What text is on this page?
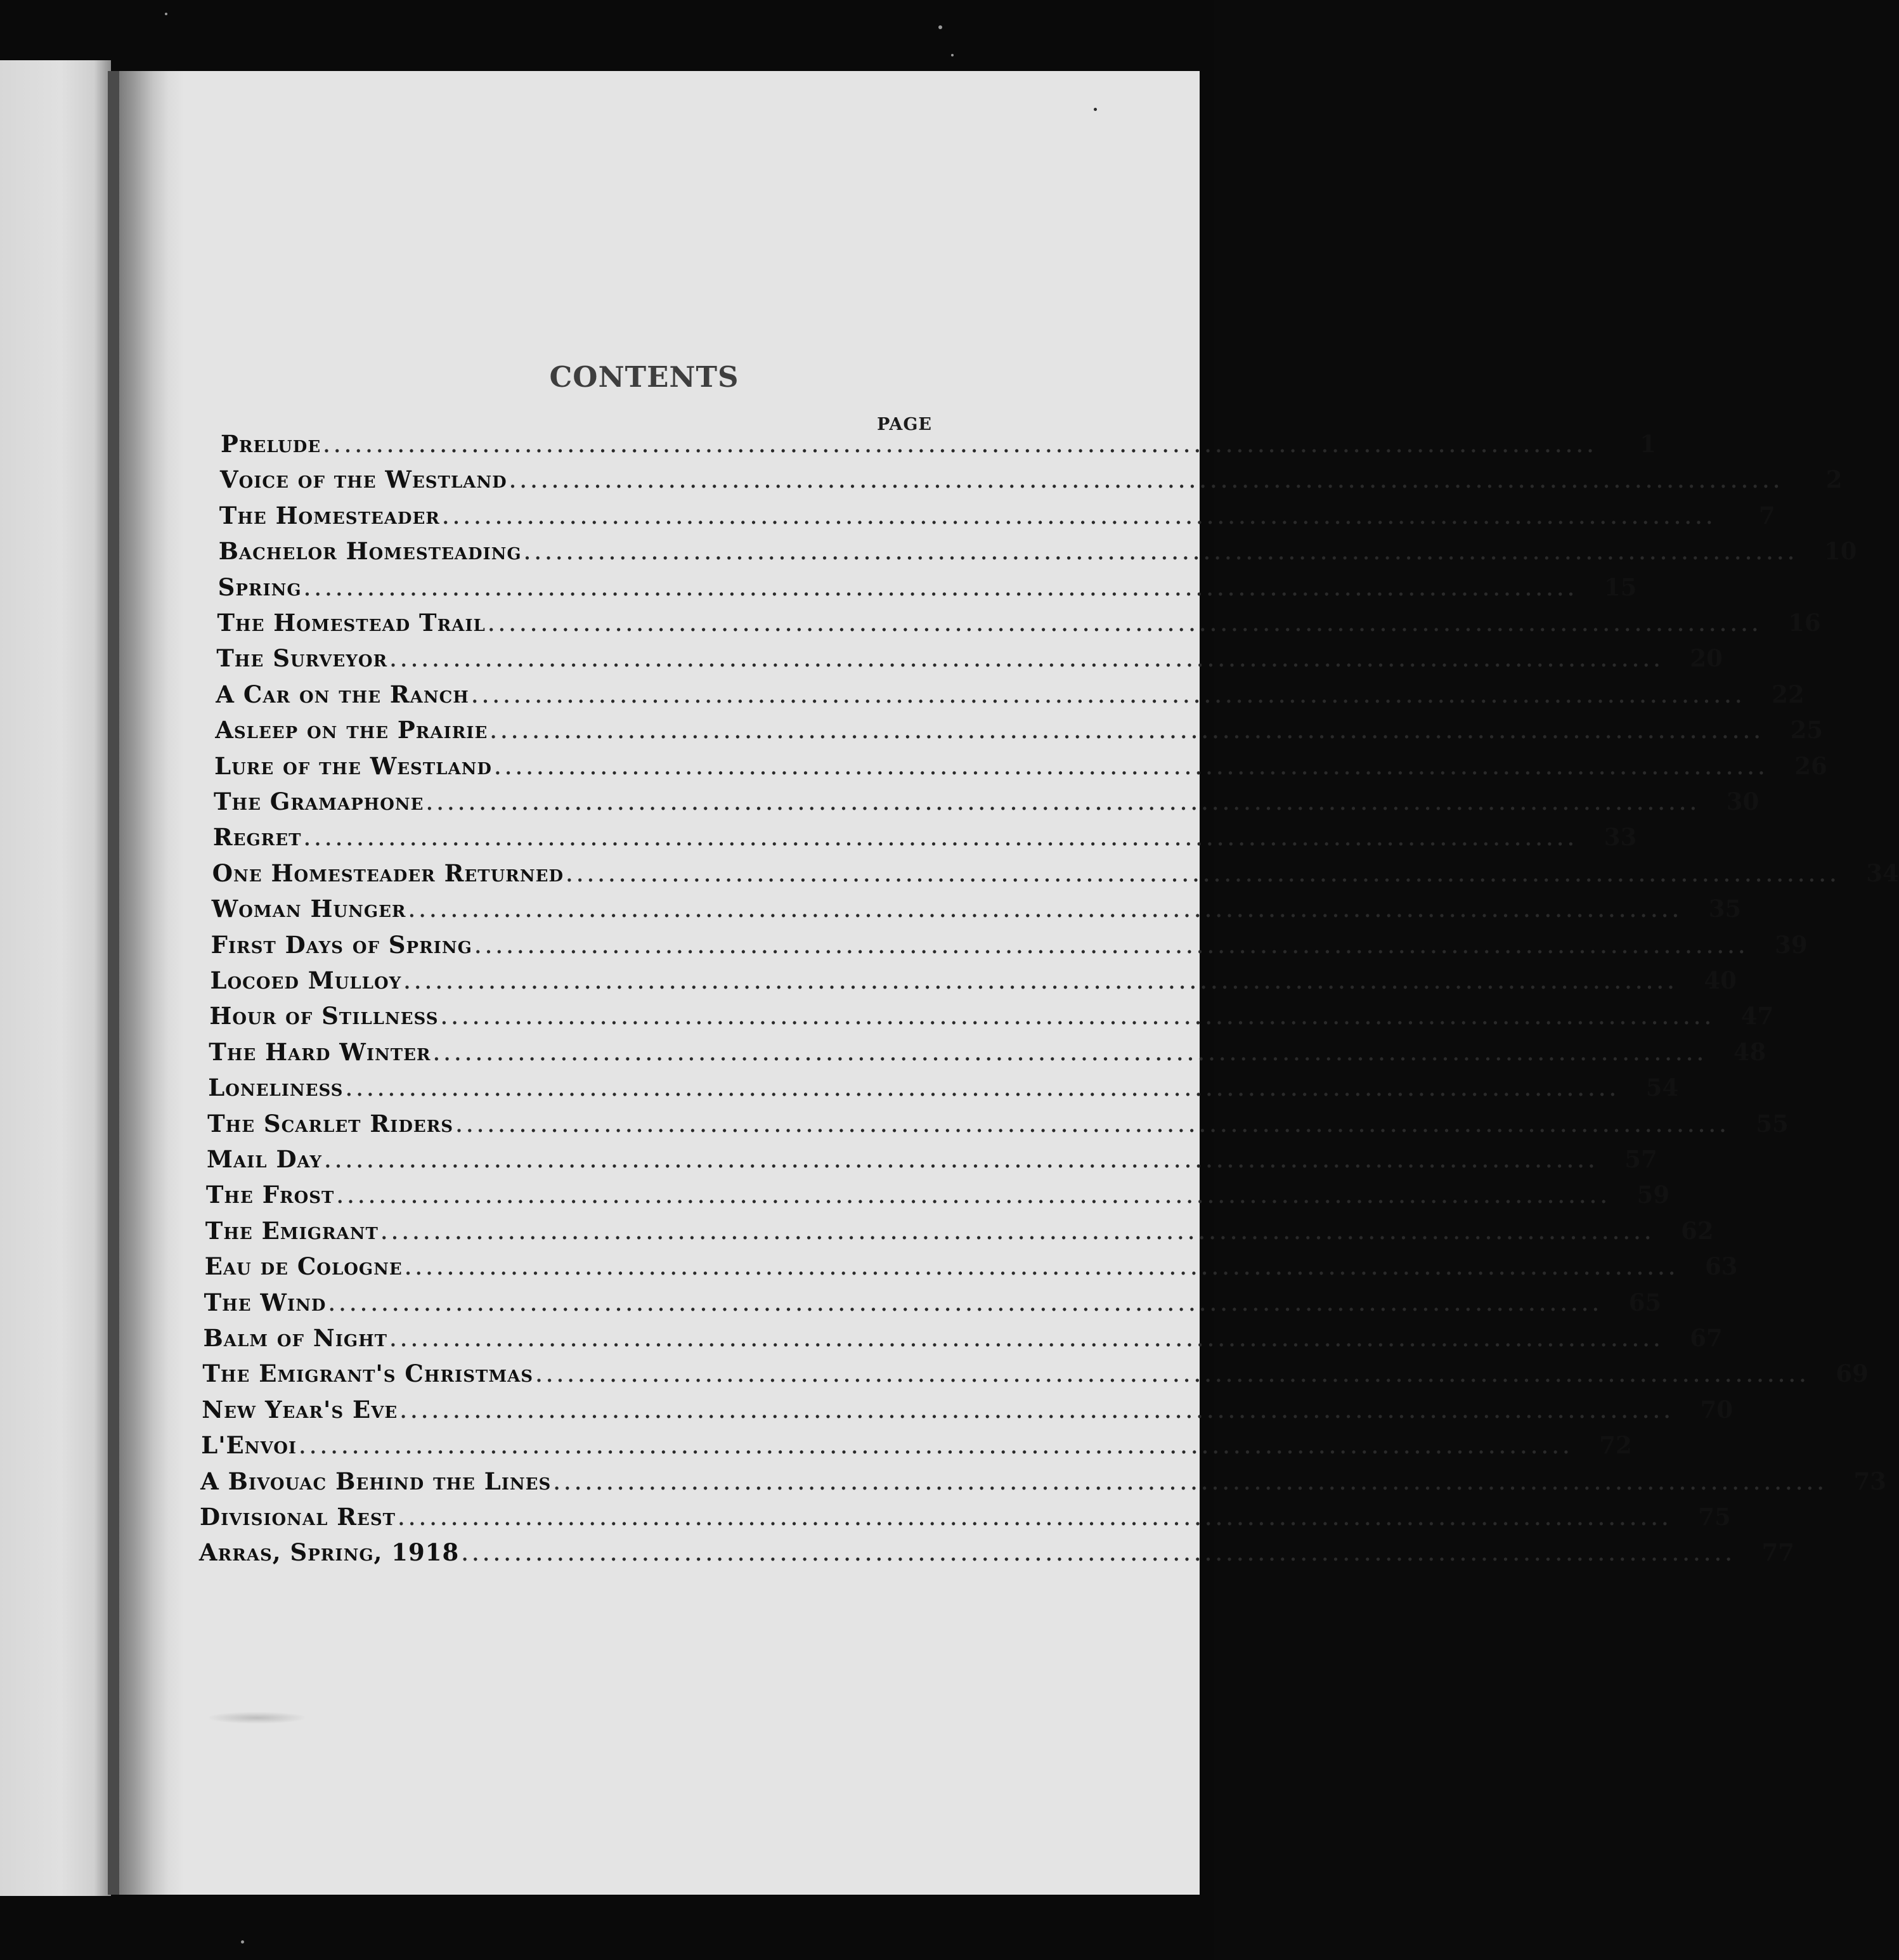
CONTENTS
PAGE
Prelude ........................................................................................................................	1
Voice of the Westland ........................................................................................................................	2
The Homesteader ........................................................................................................................	7
Bachelor Homesteading ........................................................................................................................	10
Spring ........................................................................................................................	15
The Homestead Trail ........................................................................................................................	16
The Surveyor ........................................................................................................................	20
A Car on the Ranch ........................................................................................................................	22
Asleep on the Prairie ........................................................................................................................	25
Lure of the Westland ........................................................................................................................	26
The Gramaphone ........................................................................................................................	30
Regret ........................................................................................................................	33
One Homesteader Returned ........................................................................................................................	34
Woman Hunger ........................................................................................................................	35
First Days of Spring ........................................................................................................................	39
Locoed Mulloy ........................................................................................................................	40
Hour of Stillness ........................................................................................................................	47
The Hard Winter ........................................................................................................................	48
Loneliness ........................................................................................................................	54
The Scarlet Riders ........................................................................................................................	55
Mail Day ........................................................................................................................	57
The Frost ........................................................................................................................	59
The Emigrant ........................................................................................................................	62
Eau de Cologne ........................................................................................................................	63
The Wind ........................................................................................................................	65
Balm of Night ........................................................................................................................	67
The Emigrant's Christmas ........................................................................................................................	69
New Year's Eve ........................................................................................................................	70
L'Envoi ........................................................................................................................	72
A Bivouac Behind the Lines ........................................................................................................................	73
Divisional Rest ........................................................................................................................	75
Arras, Spring, 1918 ........................................................................................................................	77
